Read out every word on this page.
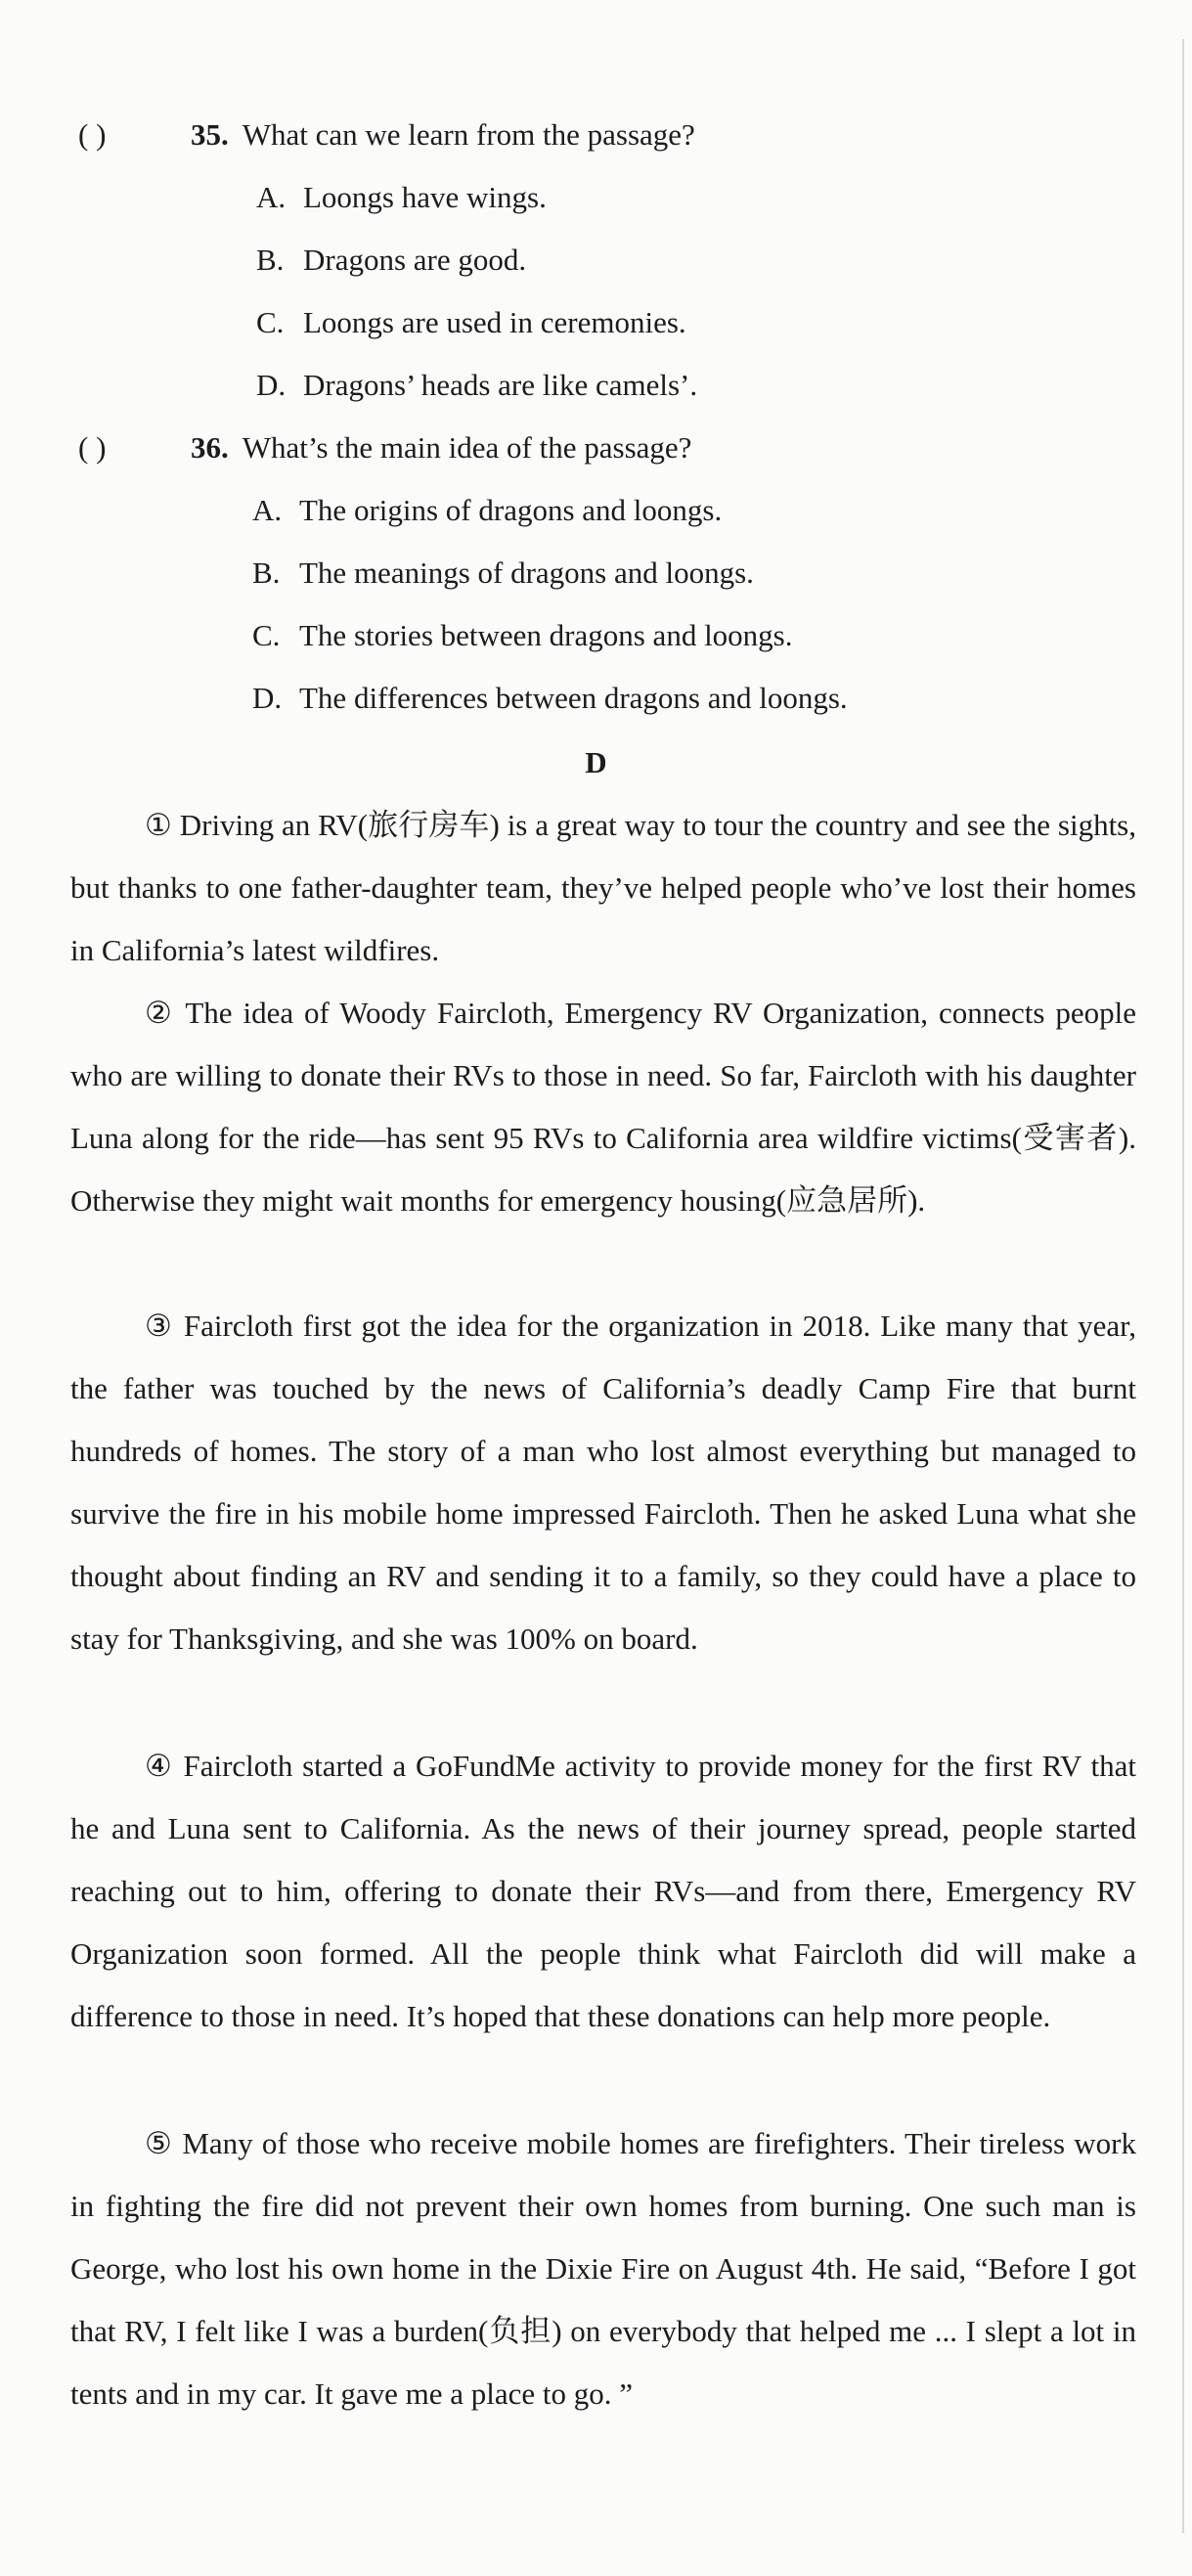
( )	35. What can we learn from the passage?
A. Loongs have wings.
B. Dragons are good.
C. Loongs are used in ceremonies.
D. Dragons’ heads are like camels’.
( )	36. What’s the main idea of the passage?
A. The origins of dragons and loongs.
B. The meanings of dragons and loongs.
C. The stories between dragons and loongs.
D. The differences between dragons and loongs.
D

① Driving an RV(旅行房车) is a great way to tour the country and see the sights, but thanks to one father-daughter team, they’ve helped people who’ve lost their homes in California’s latest wildfires.

② The idea of Woody Faircloth, Emergency RV Organization, connects people who are willing to donate their RVs to those in need. So far, Faircloth with his daughter Luna along for the ride—has sent 95 RVs to California area wildfire victims(受害者). Otherwise they might wait months for emergency housing(应急居所).

③ Faircloth first got the idea for the organization in 2018. Like many that year, the father was touched by the news of California’s deadly Camp Fire that burnt hundreds of homes. The story of a man who lost almost everything but managed to survive the fire in his mobile home impressed Faircloth. Then he asked Luna what she thought about finding an RV and sending it to a family, so they could have a place to stay for Thanksgiving, and she was 100% on board.

④ Faircloth started a GoFundMe activity to provide money for the first RV that he and Luna sent to California. As the news of their journey spread, people started reaching out to him, offering to donate their RVs—and from there, Emergency RV Organization soon formed. All the people think what Faircloth did will make a difference to those in need. It’s hoped that these donations can help more people.

⑤ Many of those who receive mobile homes are firefighters. Their tireless work in fighting the fire did not prevent their own homes from burning. One such man is George, who lost his own home in the Dixie Fire on August 4th. He said, “Before I got that RV, I felt like I was a burden(负担) on everybody that helped me ... I slept a lot in tents and in my car. It gave me a place to go. ”
